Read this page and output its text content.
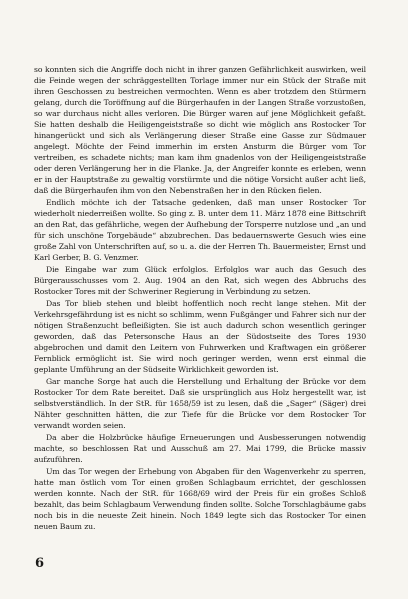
so konnten sich die Angriffe doch nicht in ihrer ganzen Gefährlichkeit auswirken, weil die Feinde wegen der schräggestellten Torlage immer nur ein Stück der Straße mit ihren Geschossen zu bestreichen vermochten. Wenn es aber trotzdem den Stürmern gelang, durch die Toröffnung auf die Bürgerhaufen in der Langen Straße vorzustoßen, so war durchaus nicht alles verloren. Die Bürger waren auf jene Möglichkeit gefaßt. Sie hatten deshalb die Heiligengeiststraße so dicht wie möglich ans Rostocker Tor hinangerückt und sich als Verlängerung dieser Straße eine Gasse zur Südmauer angelegt. Möchte der Feind immerhin im ersten Ansturm die Bürger vom Tor vertreiben, es schadete nichts; man kam ihm gnadenlos von der Heiligengeiststraße oder deren Verlängerung her in die Flanke. Ja, der Angreifer konnte es erleben, wenn er in der Hauptstraße zu gewaltig vorstürmte und die nötige Vorsicht außer acht ließ, daß die Bürgerhaufen ihm von den Nebenstraßen her in den Rücken fielen.

Endlich möchte ich der Tatsache gedenken, daß man unser Rostocker Tor wiederholt niederreißen wollte. So ging z. B. unter dem 11. März 1878 eine Bittschrift an den Rat, das gefährliche, wegen der Aufhebung der Torsperre nutzlose und „an und für sich unschöne Torgebäude“ abzubrechen. Das bedauernswerte Gesuch wies eine große Zahl von Unterschriften auf, so u. a. die der Herren Th. Bauermeister, Ernst und Karl Gerber, B. G. Venzmer.

Die Eingabe war zum Glück erfolglos. Erfolglos war auch das Gesuch des Bürgerausschusses vom 2. Aug. 1904 an den Rat, sich wegen des Abbruchs des Rostocker Tores mit der Schweriner Regierung in Verbindung zu setzen.

Das Tor blieb stehen und bleibt hoffentlich noch recht lange stehen. Mit der Verkehrsgefährdung ist es nicht so schlimm, wenn Fußgänger und Fahrer sich nur der nötigen Straßenzucht befleißigten. Sie ist auch dadurch schon wesentlich geringer geworden, daß das Petersonsche Haus an der Südostseite des Tores 1930 abgebrochen und damit den Leitern von Fuhrwerken und Kraftwagen ein größerer Fernblick ermöglicht ist. Sie wird noch geringer werden, wenn erst einmal die geplante Umführung an der Südseite Wirklichkeit geworden ist.

Gar manche Sorge hat auch die Herstellung und Erhaltung der Brücke vor dem Rostocker Tor dem Rate bereitet. Daß sie ursprünglich aus Holz hergestellt war, ist selbstverständlich. In der StR. für 1658/59 ist zu lesen, daß die „Sager“ (Säger) drei Nähter geschnitten hätten, die zur Tiefe für die Brücke vor dem Rostocker Tor verwandt worden seien.

Da aber die Holzbrücke häufige Erneuerungen und Ausbesserungen notwendig machte, so beschlossen Rat und Ausschuß am 27. Mai 1799, die Brücke massiv aufzuführen.

Um das Tor wegen der Erhebung von Abgaben für den Wagenverkehr zu sperren, hatte man östlich vom Tor einen großen Schlagbaum errichtet, der geschlossen werden konnte. Nach der StR. für 1668/69 wird der Preis für ein großes Schloß bezahlt, das beim Schlagbaum Verwendung finden sollte. Solche Torschlagbäume gabs noch bis in die neueste Zeit hinein. Noch 1849 legte sich das Rostocker Tor einen neuen Baum zu.

6
